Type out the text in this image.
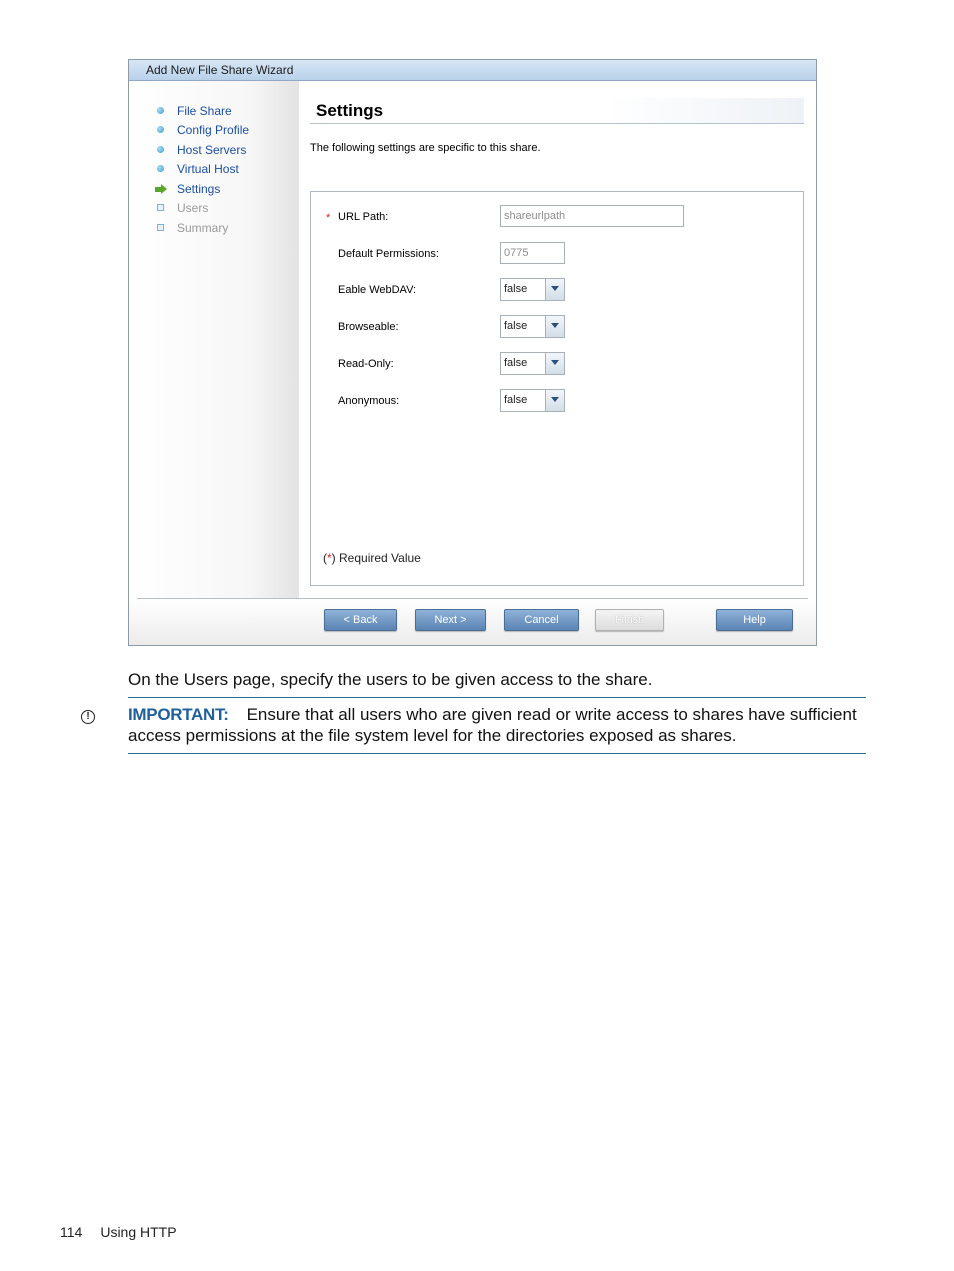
Add New File Share Wizard
File Share
Config Profile
Host Servers
Virtual Host
Settings
Users
Summary
Settings
The following settings are specific to this share.
* URL Path:	shareurlpath
Default Permissions:	0775
Eable WebDAV:	false
Browseable:	false
Read-Only:	false
Anonymous:	false
(*) Required Value
< Back	Next >	Cancel	Finish	Help
On the Users page, specify the users to be given access to the share.
!	IMPORTANT: Ensure that all users who are given read or write access to shares have sufficient access permissions at the file system level for the directories exposed as shares.
114 Using HTTP
